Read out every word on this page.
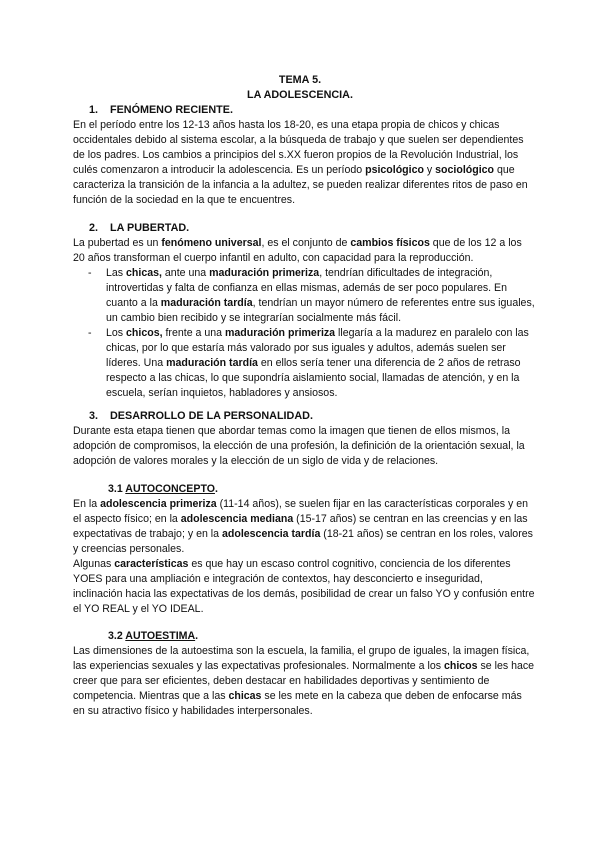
TEMA 5.
LA ADOLESCENCIA.
1. FENÓMENO RECIENTE.
En el período entre los 12-13 años hasta los 18-20, es una etapa propia de chicos y chicas occidentales debido al sistema escolar, a la búsqueda de trabajo y que suelen ser dependientes de los padres. Los cambios a principios del s.XX fueron propios de la Revolución Industrial, los culés comenzaron a introducir la adolescencia. Es un período psicológico y sociológico que caracteriza la transición de la infancia a la adultez, se pueden realizar diferentes ritos de paso en función de la sociedad en la que te encuentres.
2. LA PUBERTAD.
La pubertad es un fenómeno universal, es el conjunto de cambios físicos que de los 12 a los 20 años transforman el cuerpo infantil en adulto, con capacidad para la reproducción.
- Las chicas, ante una maduración primeriza, tendrían dificultades de integración, introvertidas y falta de confianza en ellas mismas, además de ser poco populares. En cuanto a la maduración tardía, tendrían un mayor número de referentes entre sus iguales, un cambio bien recibido y se integrarían socialmente más fácil.
- Los chicos, frente a una maduración primeriza llegaría a la madurez en paralelo con las chicas, por lo que estaría más valorado por sus iguales y adultos, además suelen ser líderes. Una maduración tardía en ellos sería tener una diferencia de 2 años de retraso respecto a las chicas, lo que supondría aislamiento social, llamadas de atención, y en la escuela, serían inquietos, habladores y ansiosos.
3. DESARROLLO DE LA PERSONALIDAD.
Durante esta etapa tienen que abordar temas como la imagen que tienen de ellos mismos, la adopción de compromisos, la elección de una profesión, la definición de la orientación sexual, la adopción de valores morales y la elección de un siglo de vida y de relaciones.
3.1 AUTOCONCEPTO.
En la adolescencia primeriza (11-14 años), se suelen fijar en las características corporales y en el aspecto físico; en la adolescencia mediana (15-17 años) se centran en las creencias y en las expectativas de trabajo; y en la adolescencia tardía (18-21 años) se centran en los roles, valores y creencias personales.
Algunas características es que hay un escaso control cognitivo, conciencia de los diferentes YOES para una ampliación e integración de contextos, hay desconcierto e inseguridad, inclinación hacia las expectativas de los demás, posibilidad de crear un falso YO y confusión entre el YO REAL y el YO IDEAL.
3.2 AUTOESTIMA.
Las dimensiones de la autoestima son la escuela, la familia, el grupo de iguales, la imagen física, las experiencias sexuales y las expectativas profesionales. Normalmente a los chicos se les hace creer que para ser eficientes, deben destacar en habilidades deportivas y sentimiento de competencia. Mientras que a las chicas se les mete en la cabeza que deben de enfocarse más en su atractivo físico y habilidades interpersonales.
